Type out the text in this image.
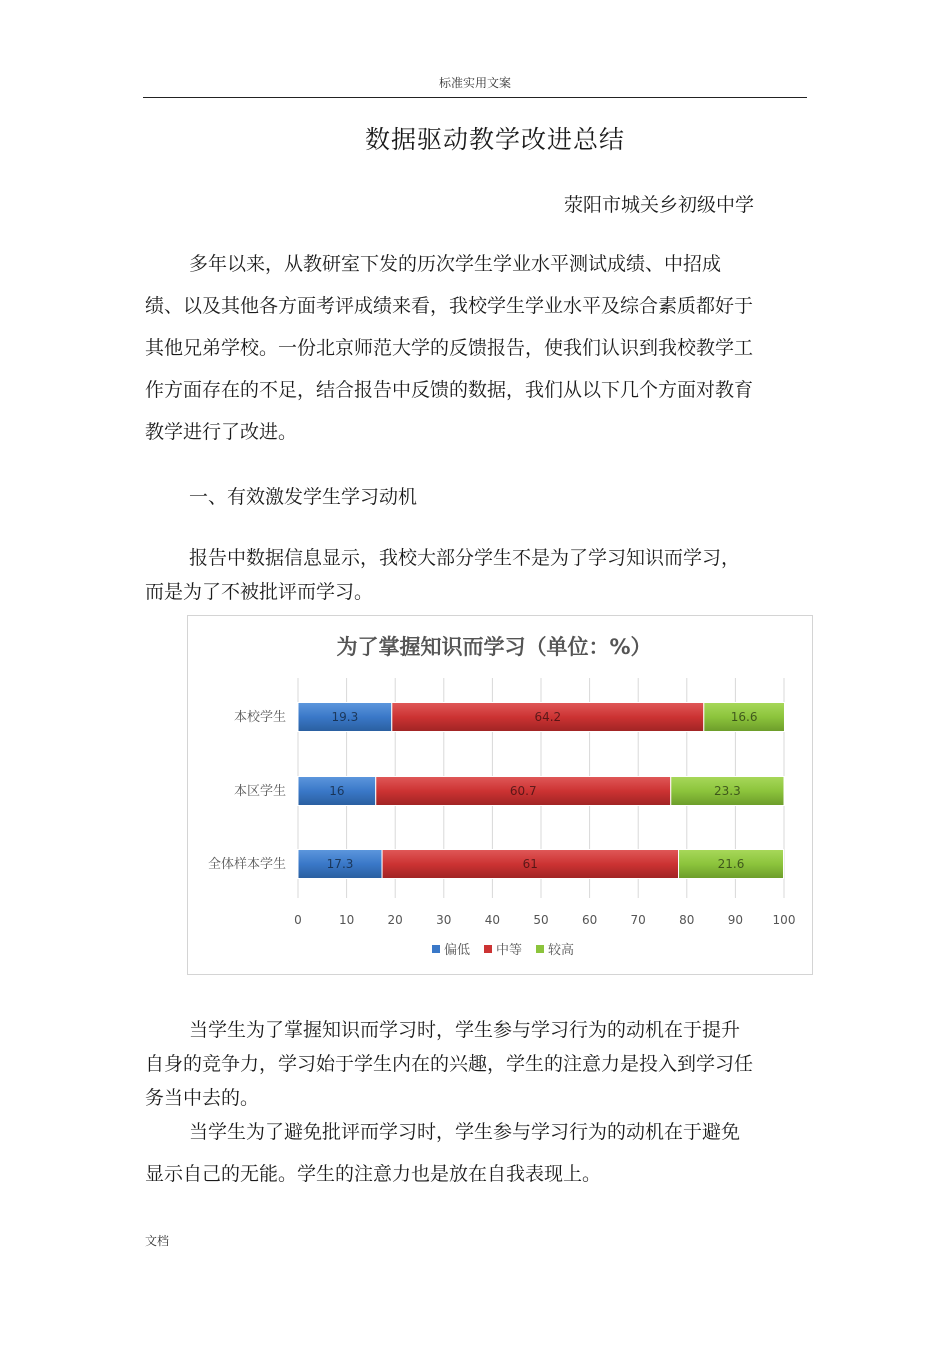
标准实用文案
数据驱动教学改进总结
荥阳市城关乡初级中学

多年以来，从教研室下发的历次学生学业水平测试成绩、中招成绩、以及其他各方面考评成绩来看，我校学生学业水平及综合素质都好于其他兄弟学校。一份北京师范大学的反馈报告，使我们认识到我校教学工作方面存在的不足，结合报告中反馈的数据，我们从以下几个方面对教育教学进行了改进。

一、有效激发学生学习动机

报告中数据信息显示，我校大部分学生不是为了学习知识而学习，而是为了不被批评而学习。

为了掌握知识而学习（单位：%）
19.3	64.2	16.6
16	60.7	23.3
17.3	61	21.6
0	10	20	30	40	50	60	70	80	90 100
本校学生
本区学生
全体样本学生
偏低 中等 较高

当学生为了掌握知识而学习时，学生参与学习行为的动机在于提升自身的竞争力，学习始于学生内在的兴趣，学生的注意力是投入到学习任务当中去的。

当学生为了避免批评而学习时，学生参与学习行为的动机在于避免显示自己的无能。学生的注意力也是放在自我表现上。

文档
